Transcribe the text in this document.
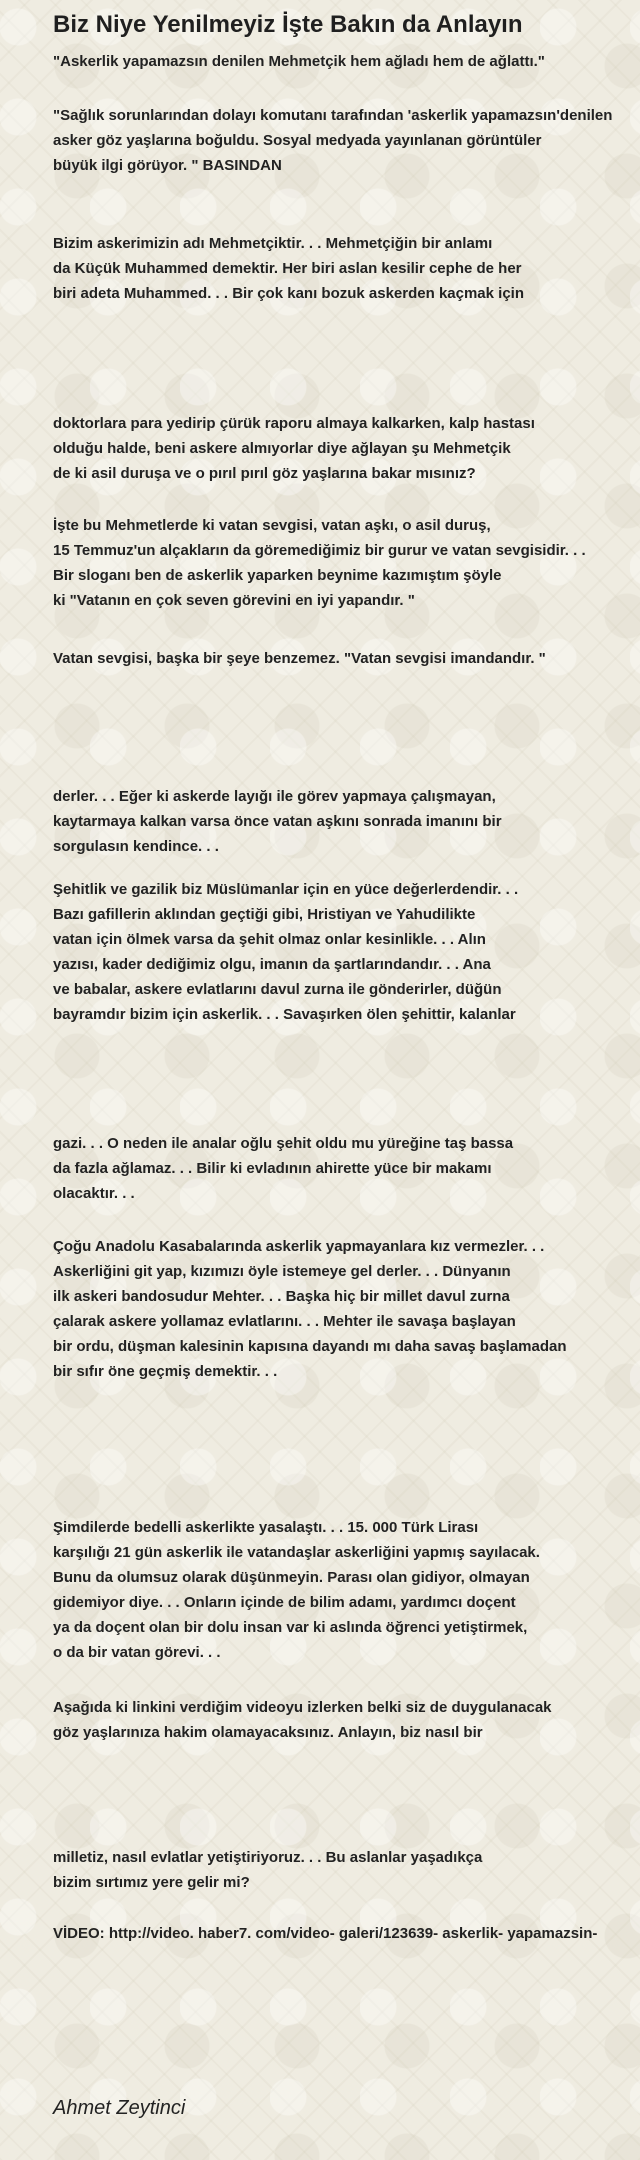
Biz Niye Yenilmeyiz İşte Bakın da Anlayın
"Askerlik yapamazsın denilen Mehmetçik hem ağladı hem de ağlattı."
"Sağlık sorunlarından dolayı komutanı tarafından 'askerlik yapamazsın'denilen
asker göz yaşlarına boğuldu. Sosyal medyada yayınlanan görüntüler
büyük ilgi görüyor. " BASINDAN
Bizim askerimizin adı Mehmetçiktir. . . Mehmetçiğin bir anlamı
da Küçük Muhammed demektir. Her biri aslan kesilir cephe de her
biri adeta Muhammed. . . Bir çok kanı bozuk askerden kaçmak için
doktorlara para yedirip çürük raporu almaya kalkarken, kalp hastası
olduğu halde, beni askere almıyorlar diye ağlayan şu Mehmetçik
de ki asil duruşa ve o pırıl pırıl göz yaşlarına bakar mısınız?
İşte bu Mehmetlerde ki vatan sevgisi, vatan aşkı, o asil duruş,
15 Temmuz'un alçakların da göremediğimiz bir gurur ve vatan sevgisidir. . .
Bir sloganı ben de askerlik yaparken beynime kazımıştım şöyle
ki "Vatanın en çok seven görevini en iyi yapandır. "
Vatan sevgisi, başka bir şeye benzemez. "Vatan sevgisi imandandır. "
derler. . . Eğer ki askerde layığı ile görev yapmaya çalışmayan,
kaytarmaya kalkan varsa önce vatan aşkını sonrada imanını bir
sorgulasın kendince. . .
Şehitlik ve gazilik biz Müslümanlar için en yüce değerlerdendir. . .
Bazı gafillerin aklından geçtiği gibi, Hristiyan ve Yahudilikte
vatan için ölmek varsa da şehit olmaz onlar kesinlikle. . . Alın
yazısı, kader dediğimiz olgu, imanın da şartlarındandır. . . Ana
ve babalar, askere evlatlarını davul zurna ile gönderirler, düğün
bayramdır bizim için askerlik. . . Savaşırken ölen şehittir, kalanlar
gazi. . . O neden ile analar oğlu şehit oldu mu yüreğine taş bassa
da fazla ağlamaz. . . Bilir ki evladının ahirette yüce bir makamı
olacaktır. . .
Çoğu Anadolu Kasabalarında askerlik yapmayanlara kız vermezler. . .
Askerliğini git yap, kızımızı öyle istemeye gel derler. . . Dünyanın
ilk askeri bandosudur Mehter. . . Başka hiç bir millet davul zurna
çalarak askere yollamaz evlatlarını. . . Mehter ile savaşa başlayan
bir ordu, düşman kalesinin kapısına dayandı mı daha savaş başlamadan
bir sıfır öne geçmiş demektir. . .
Şimdilerde bedelli askerlikte yasalaştı. . . 15. 000 Türk Lirası
karşılığı 21 gün askerlik ile vatandaşlar askerliğini yapmış sayılacak.
Bunu da olumsuz olarak düşünmeyin. Parası olan gidiyor, olmayan
gidemiyor diye. . . Onların içinde de bilim adamı, yardımcı doçent
ya da doçent olan bir dolu insan var ki aslında öğrenci yetiştirmek,
o da bir vatan görevi. . .
Aşağıda ki linkini verdiğim videoyu izlerken belki siz de duygulanacak
göz yaşlarınıza hakim olamayacaksınız. Anlayın, biz nasıl bir
milletiz, nasıl evlatlar yetiştiriyoruz. . . Bu aslanlar yaşadıkça
bizim sırtımız yere gelir mi?
VİDEO: http://video. haber7. com/video- galeri/123639- askerlik- yapamazsin-
Ahmet Zeytinci
